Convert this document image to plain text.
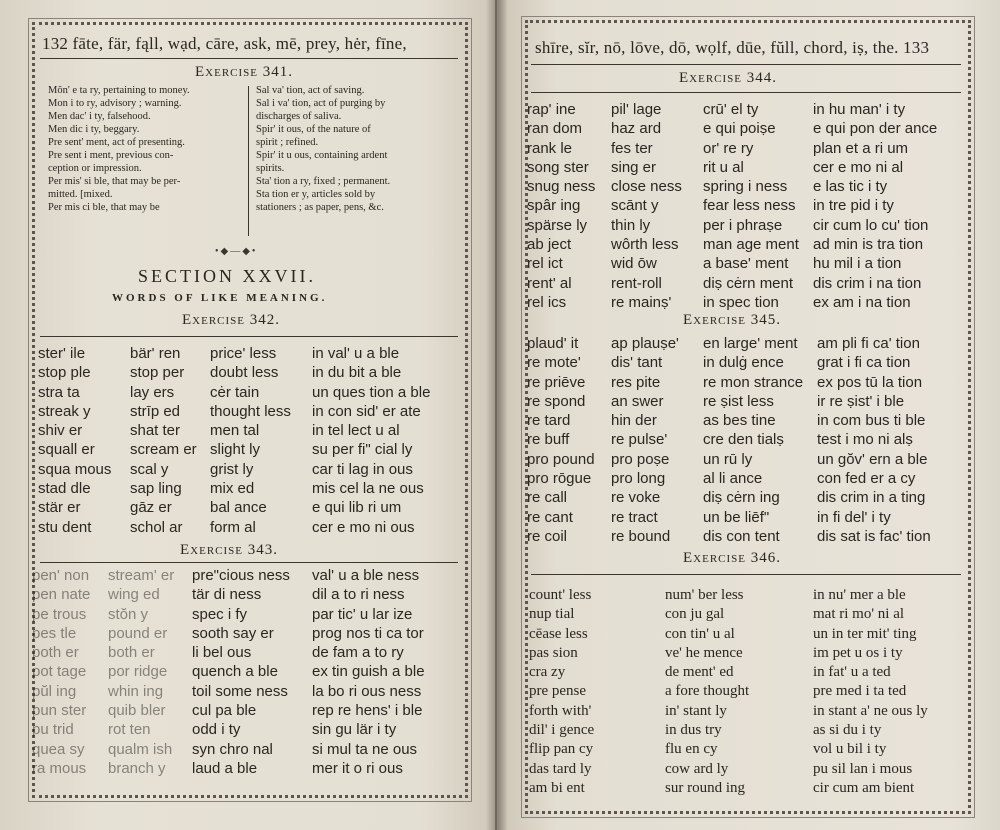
132 fāte, fär, fąll, wạd, cāre, ask, mē, prey, hėr, fīne,
Exercise 341.
Mŏn' e ta ry, pertaining to money.
Mon i to ry, advisory ; warning.
Men dac' i ty, falsehood.
Men dic i ty, beggary.
Pre sent' ment, act of presenting.
Pre sent i ment, previous con-
ception or impression.
Per mis' si ble, that may be per-
mitted. [mixed.
Per mis ci ble, that may be
Sal va' tion, act of saving.
Sal i va' tion, act of purging by
discharges of saliva.
Spir' it ous, of the nature of
spirit ; refined.
Spir' it u ous, containing ardent
spirits.
Sta' tion a ry, fixed ; permanent.
Sta tion er y, articles sold by
stationers ; as paper, pens, &c.
•◆—◆•
SECTION XXVII.
WORDS OF LIKE MEANING.
Exercise 342.
ster' ile
stop ple
stra ta
streak y
shiv er
squall er
squa mous
stad dle
stär er
stu dent
bär' ren
stop per
lay ers
strīp ed
shat ter
scream er
scal y
sap ling
gāz er
schol ar
price' less
doubt less
cėr tain
thought less
men tal
slight ly
grist ly
mix ed
bal ance
form al
in val' u a ble
in du bit a ble
un ques tion a ble
in con sid' er ate
in tel lect u al
su per fi" cial ly
car ti lag in ous
mis cel la ne ous
e qui lib ri um
cer e mo ni ous
Exercise 343.
pen' non
pen nate
pe trous
pes tle
poth er
pot tage
pŭl ing
pun ster
pu trid
quea sy
ra mous
stream' er
wing ed
stŏn y
pound er
both er
por ridge
whin ing
quib bler
rot ten
qualm ish
branch y
pre"cious ness
tär di ness
spec i fy
sooth say er
li bel ous
quench a ble
toil some ness
cul pa ble
odd i ty
syn chro nal
laud a ble
val' u a ble ness
dil a to ri ness
par tic' u lar ize
prog nos ti ca tor
de fam a to ry
ex tin guish a ble
la bo ri ous ness
rep re hens' i ble
sin gu lär i ty
si mul ta ne ous
mer it o ri ous
shīre, sĭr, nō, lōve, dō, wọlf, dūe, fŭll, chord, iṣ, the. 133
Exercise 344.
rap' ine
ran dom
rank le
song ster
snug ness
spâr ing
spärse ly
ab ject
rel ict
rent' al
rel ics
pil' lage
haz ard
fes ter
sing er
close ness
scānt y
thin ly
wôrth less
wid ōw
rent-roll
re mainṣ'
crū' el ty
e qui poiṣe
or' re ry
rit u al
spring i ness
fear less ness
per i phraṣe
man age ment
a base' ment
diṣ cėrn ment
in spec tion
in hu man' i ty
e qui pon der ance
plan et a ri um
cer e mo ni al
e las tic i ty
in tre pid i ty
cir cum lo cu' tion
ad min is tra tion
hu mil i a tion
dis crim i na tion
ex am i na tion
Exercise 345.
plaud' it
re mote'
re priēve
re spond
re tard
re buff
pro pound
pro rōgue
re call
re cant
re coil
ap plauṣe'
dis' tant
res pite
an swer
hin der
re pulse'
pro poṣe
pro long
re voke
re tract
re bound
en large' ment
in dulġ ence
re mon strance
re ṣist less
as bes tine
cre den tialṣ
un rū ly
al li ance
diṣ cėrn ing
un be liēf"
dis con tent
am pli fi ca' tion
grat i fi ca tion
ex pos tū la tion
ir re ṣist' i ble
in com bus ti ble
test i mo ni alṣ
un gŏv' ern a ble
con fed er a cy
dis crim in a ting
in fi del' i ty
dis sat is fac' tion
Exercise 346.
count' less
nup tial
cēase less
pas sion
cra zy
pre pense
forth with'
dil' i gence
flip pan cy
das tard ly
am bi ent
num' ber less
con ju gal
con tin' u al
ve' he mence
de ment' ed
a fore thought
in' stant ly
in dus try
flu en cy
cow ard ly
sur round ing
in nu' mer a ble
mat ri mo' ni al
un in ter mit' ting
im pet u os i ty
in fat' u a ted
pre med i ta ted
in stant a' ne ous ly
as si du i ty
vol u bil i ty
pu sil lan i mous
cir cum am bient
